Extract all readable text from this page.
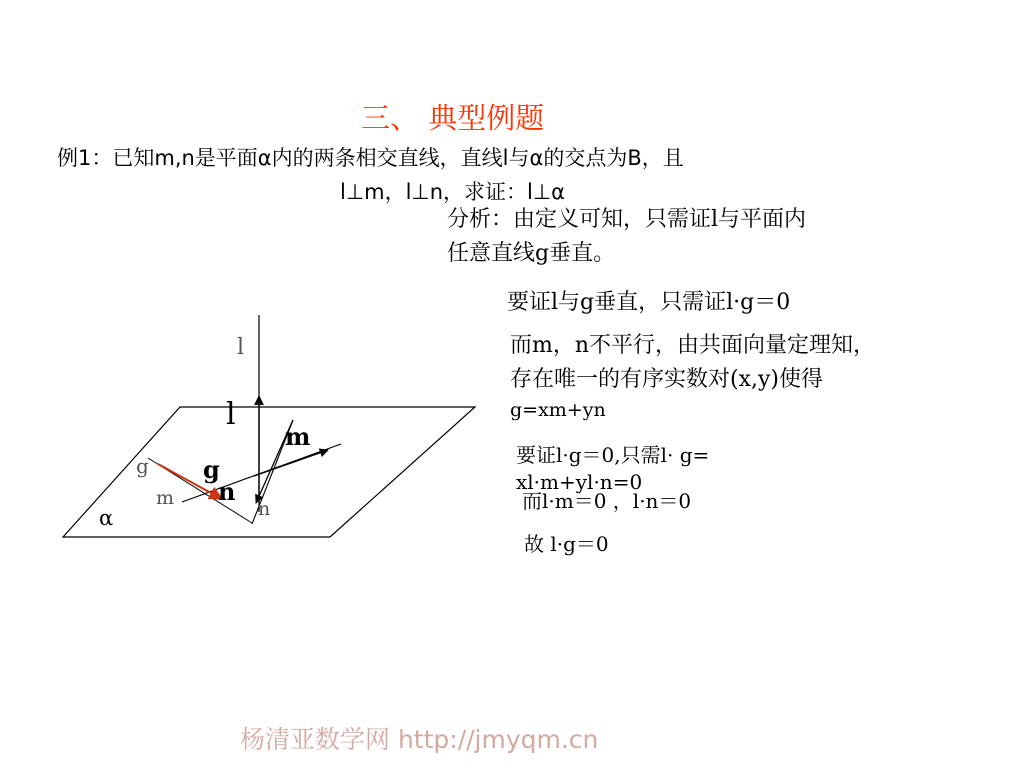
三、 典型例题
例1：已知m,n是平面α内的两条相交直线，直线l与α的交点为B，且
l⊥m，l⊥n，求证：l⊥α
分析：由定义可知，只需证l与平面内
任意直线g垂直。
要证l与g垂直，只需证l·g＝0
而m，n不平行，由共面向量定理知，
存在唯一的有序实数对(x,y)使得
g=xm+yn
要证l·g＝0,只需l· g=
xl·m+yl·n=0
而l·m＝0 ，l·n＝0
故 l·g＝0
l
l
m
g g
n
m	n
α
杨清亚数学网 http://jmyqm.cn
